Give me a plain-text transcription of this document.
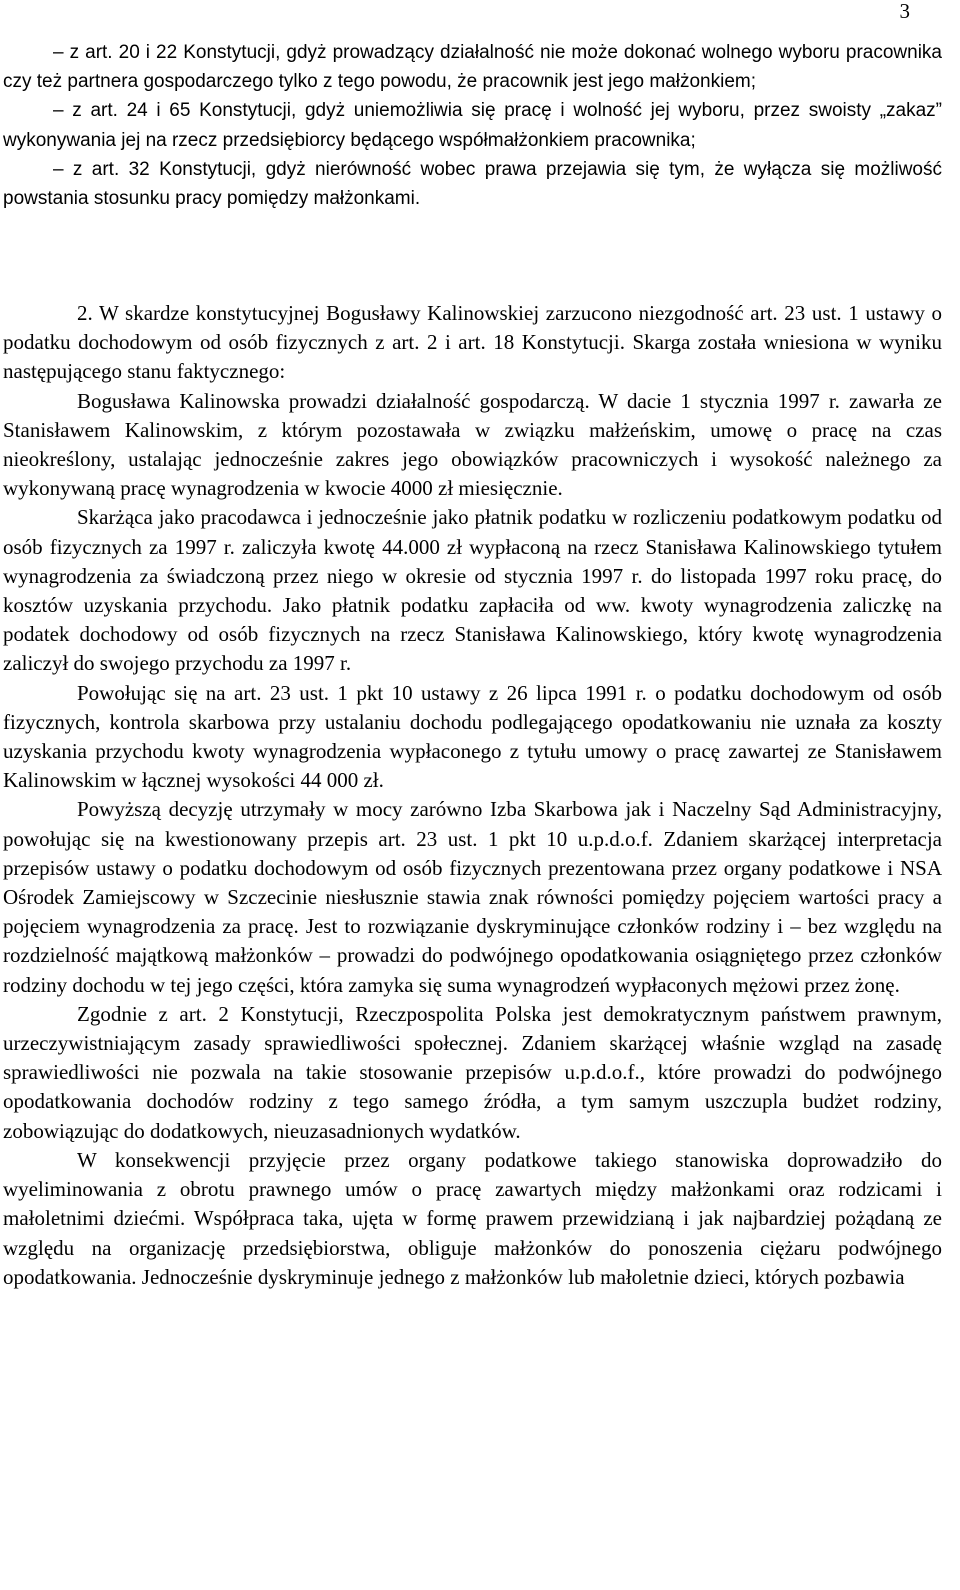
3

– z art. 20 i 22 Konstytucji, gdyż prowadzący działalność nie może dokonać wolnego wyboru pracownika czy też partnera gospodarczego tylko z tego powodu, że pracownik jest jego małżonkiem;

– z art. 24 i 65 Konstytucji, gdyż uniemożliwia się pracę i wolność jej wyboru, przez swoisty „zakaz” wykonywania jej na rzecz przedsiębiorcy będącego współmałżonkiem pracownika;

– z art. 32 Konstytucji, gdyż nierówność wobec prawa przejawia się tym, że wyłącza się możliwość powstania stosunku pracy pomiędzy małżonkami.

2. W skardze konstytucyjnej Bogusławy Kalinowskiej zarzucono niezgodność art. 23 ust. 1 ustawy o podatku dochodowym od osób fizycznych z art. 2 i art. 18 Konstytucji. Skarga została wniesiona w wyniku następującego stanu faktycznego:

Bogusława Kalinowska prowadzi działalność gospodarczą. W dacie 1 stycznia 1997 r. zawarła ze Stanisławem Kalinowskim, z którym pozostawała w związku małżeńskim, umowę o pracę na czas nieokreślony, ustalając jednocześnie zakres jego obowiązków pracowniczych i wysokość należnego za wykonywaną pracę wynagrodzenia w kwocie 4000 zł miesięcznie.

Skarżąca jako pracodawca i jednocześnie jako płatnik podatku w rozliczeniu podatkowym podatku od osób fizycznych za 1997 r. zaliczyła kwotę 44.000 zł wypłaconą na rzecz Stanisława Kalinowskiego tytułem wynagrodzenia za świadczoną przez niego w okresie od stycznia 1997 r. do listopada 1997 roku pracę, do kosztów uzyskania przychodu. Jako płatnik podatku zapłaciła od ww. kwoty wynagrodzenia zaliczkę na podatek dochodowy od osób fizycznych na rzecz Stanisława Kalinowskiego, który kwotę wynagrodzenia zaliczył do swojego przychodu za 1997 r.

Powołując się na art. 23 ust. 1 pkt 10 ustawy z 26 lipca 1991 r. o podatku dochodowym od osób fizycznych, kontrola skarbowa przy ustalaniu dochodu podlegającego opodatkowaniu nie uznała za koszty uzyskania przychodu kwoty wynagrodzenia wypłaconego z tytułu umowy o pracę zawartej ze Stanisławem Kalinowskim w łącznej wysokości 44 000 zł.

Powyższą decyzję utrzymały w mocy zarówno Izba Skarbowa jak i Naczelny Sąd Administracyjny, powołując się na kwestionowany przepis art. 23 ust. 1 pkt 10 u.p.d.o.f. Zdaniem skarżącej interpretacja przepisów ustawy o podatku dochodowym od osób fizycznych prezentowana przez organy podatkowe i NSA Ośrodek Zamiejscowy w Szczecinie niesłusznie stawia znak równości pomiędzy pojęciem wartości pracy a pojęciem wynagrodzenia za pracę. Jest to rozwiązanie dyskryminujące członków rodziny i – bez względu na rozdzielność majątkową małżonków – prowadzi do podwójnego opodatkowania osiągniętego przez członków rodziny dochodu w tej jego części, która zamyka się suma wynagrodzeń wypłaconych mężowi przez żonę.

Zgodnie z art. 2 Konstytucji, Rzeczpospolita Polska jest demokratycznym państwem prawnym, urzeczywistniającym zasady sprawiedliwości społecznej. Zdaniem skarżącej właśnie wzgląd na zasadę sprawiedliwości nie pozwala na takie stosowanie przepisów u.p.d.o.f., które prowadzi do podwójnego opodatkowania dochodów rodziny z tego samego źródła, a tym samym uszczupla budżet rodziny, zobowiązując do dodatkowych, nieuzasadnionych wydatków.

W konsekwencji przyjęcie przez organy podatkowe takiego stanowiska doprowadziło do wyeliminowania z obrotu prawnego umów o pracę zawartych między małżonkami oraz rodzicami i małoletnimi dziećmi. Współpraca taka, ujęta w formę prawem przewidzianą i jak najbardziej pożądaną ze względu na organizację przedsiębiorstwa, obliguje małżonków do ponoszenia ciężaru podwójnego opodatkowania. Jednocześnie dyskryminuje jednego z małżonków lub małoletnie dzieci, których pozbawia
